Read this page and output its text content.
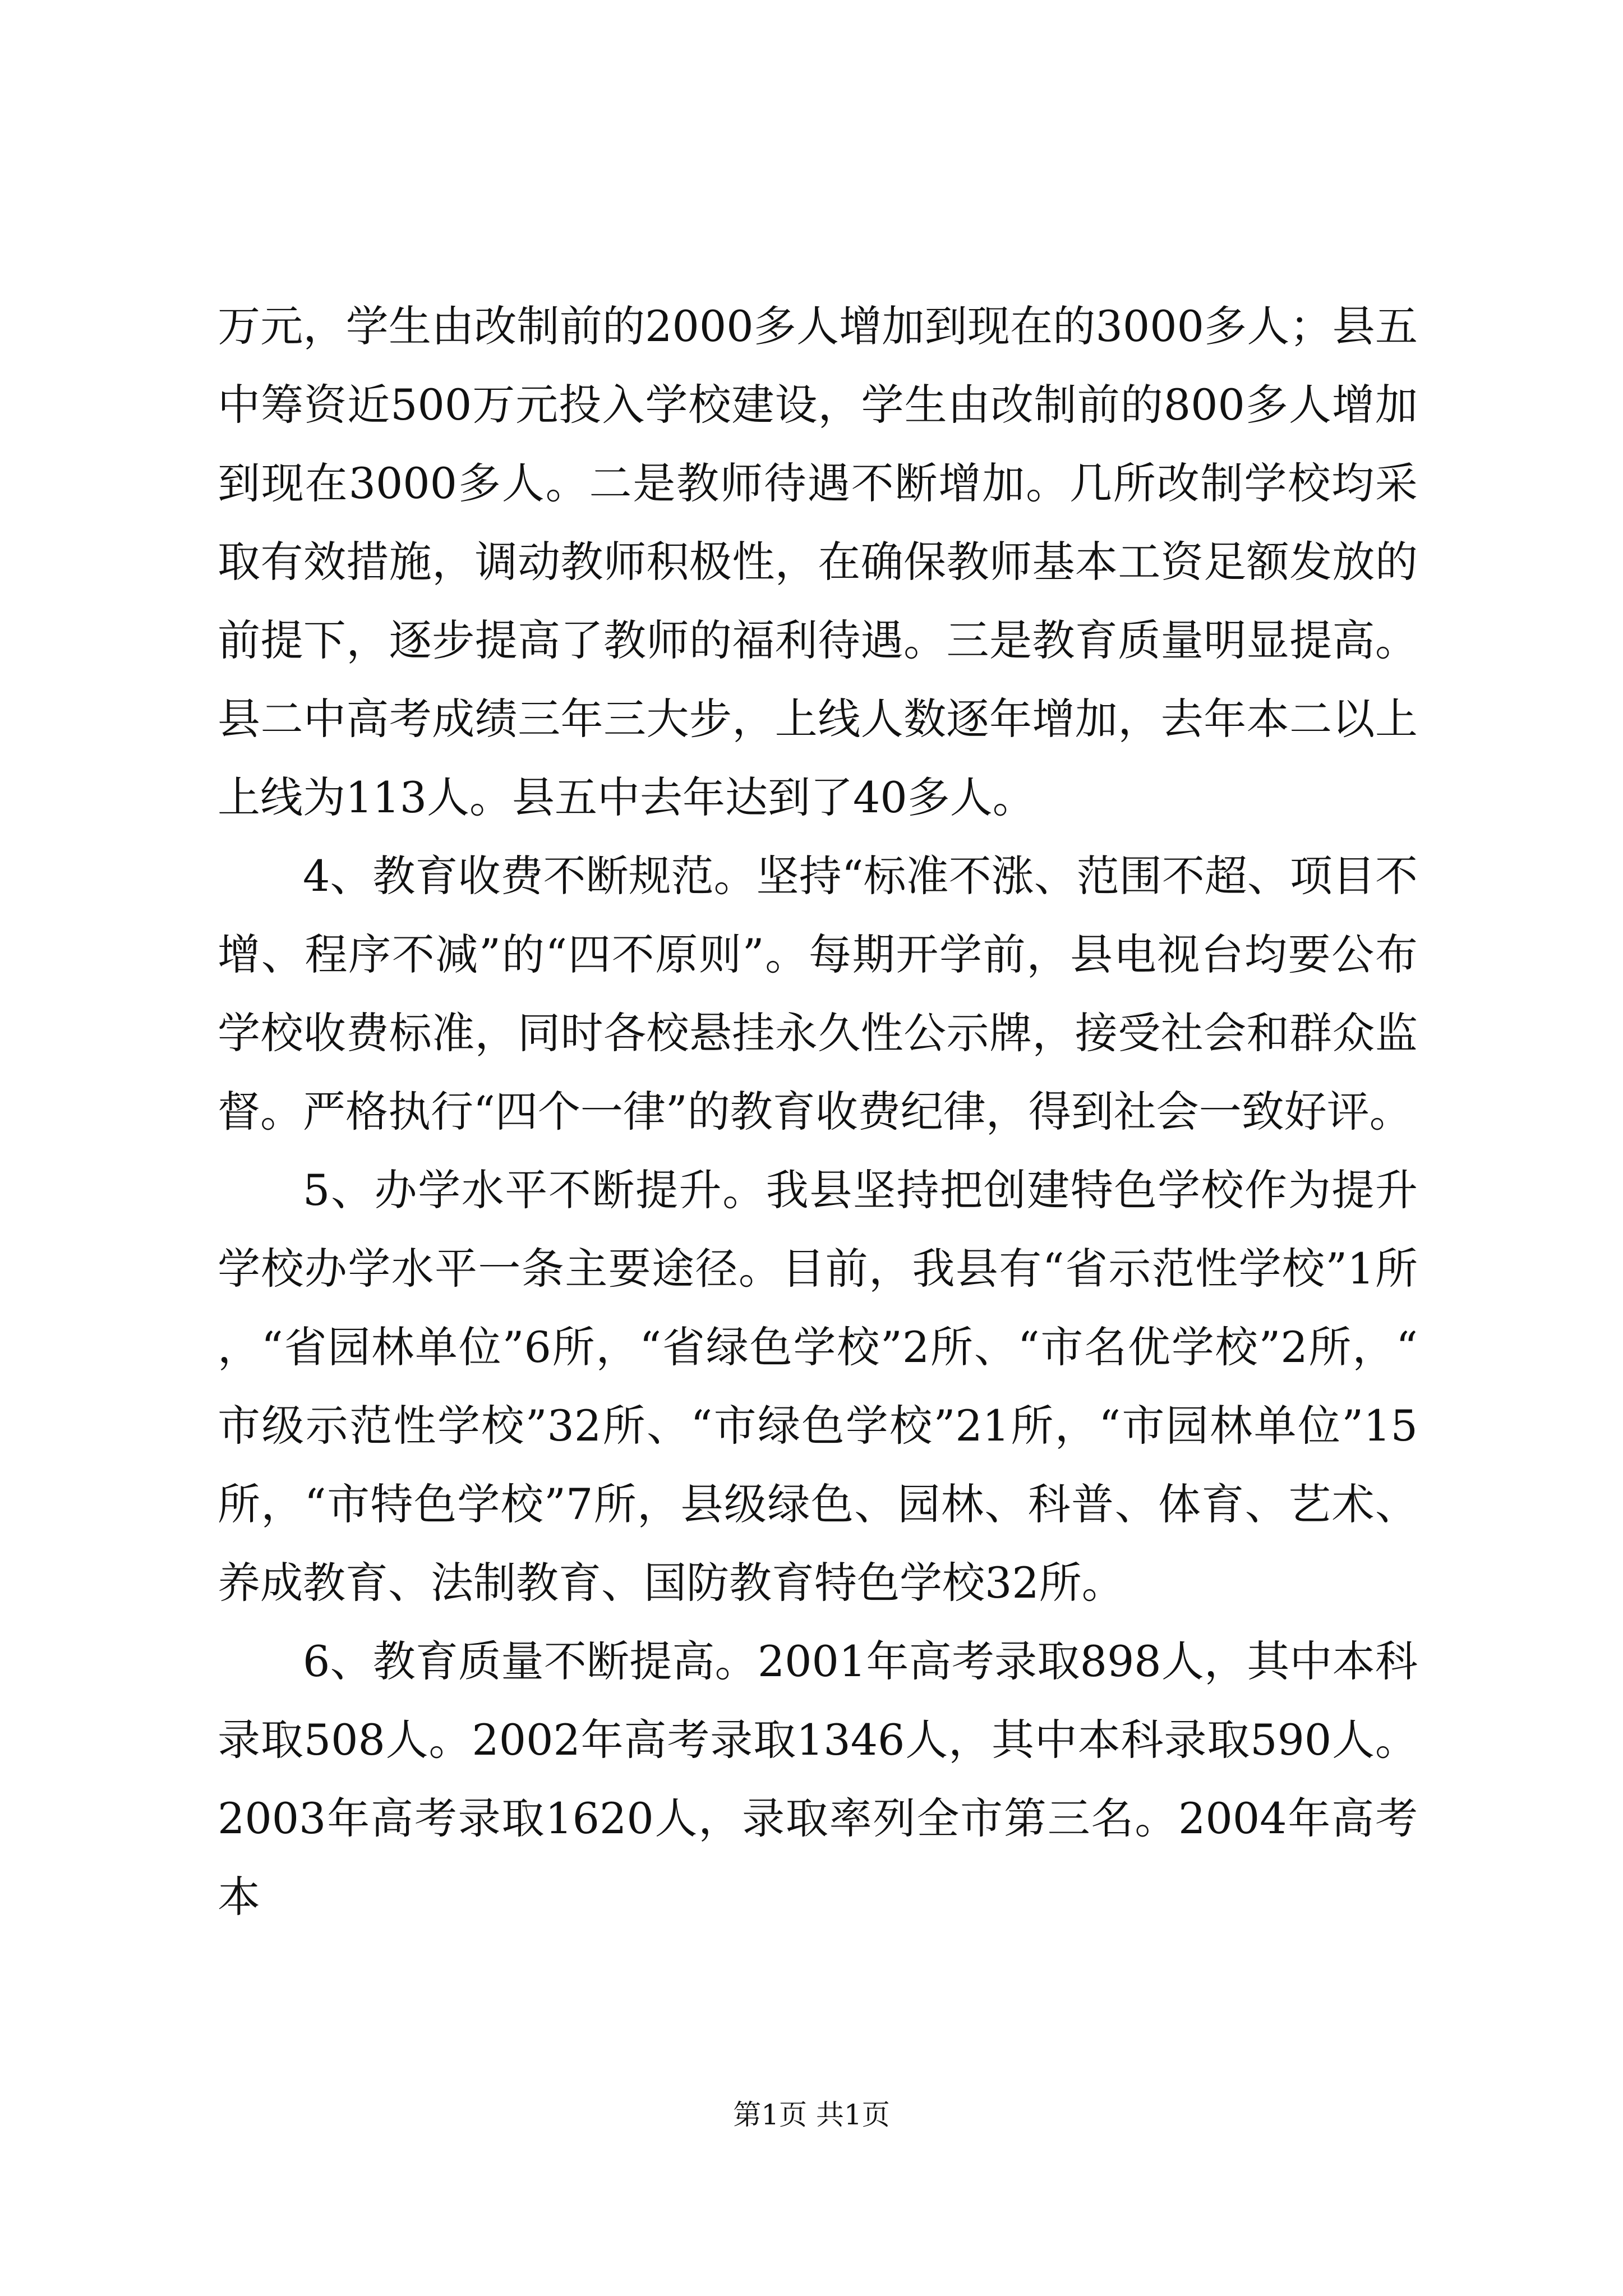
万元，学生由改制前的2000多人增加到现在的3000多人；县五中筹资近500万元投入学校建设，学生由改制前的800多人增加到现在3000多人。二是教师待遇不断增加。几所改制学校均采取有效措施，调动教师积极性，在确保教师基本工资足额发放的前提下，逐步提高了教师的福利待遇。三是教育质量明显提高。县二中高考成绩三年三大步，上线人数逐年增加，去年本二以上上线为113人。县五中去年达到了40多人。

4、教育收费不断规范。坚持“标准不涨、范围不超、项目不增、程序不减”的“四不原则”。每期开学前，县电视台均要公布学校收费标准，同时各校悬挂永久性公示牌，接受社会和群众监督。严格执行“四个一律”的教育收费纪律，得到社会一致好评。

5、办学水平不断提升。我县坚持把创建特色学校作为提升学校办学水平一条主要途径。目前，我县有“省示范性学校”1所，“省园林单位”6所，“省绿色学校”2所、“市名优学校”2所，“市级示范性学校”32所、“市绿色学校”21所，“市园林单位”15所，“市特色学校”7所，县级绿色、园林、科普、体育、艺术、养成教育、法制教育、国防教育特色学校32所。

6、教育质量不断提高。2001年高考录取898人，其中本科录取508人。2002年高考录取1346人，其中本科录取590人。2003年高考录取1620人，录取率列全市第三名。2004年高考本

第1页 共1页
